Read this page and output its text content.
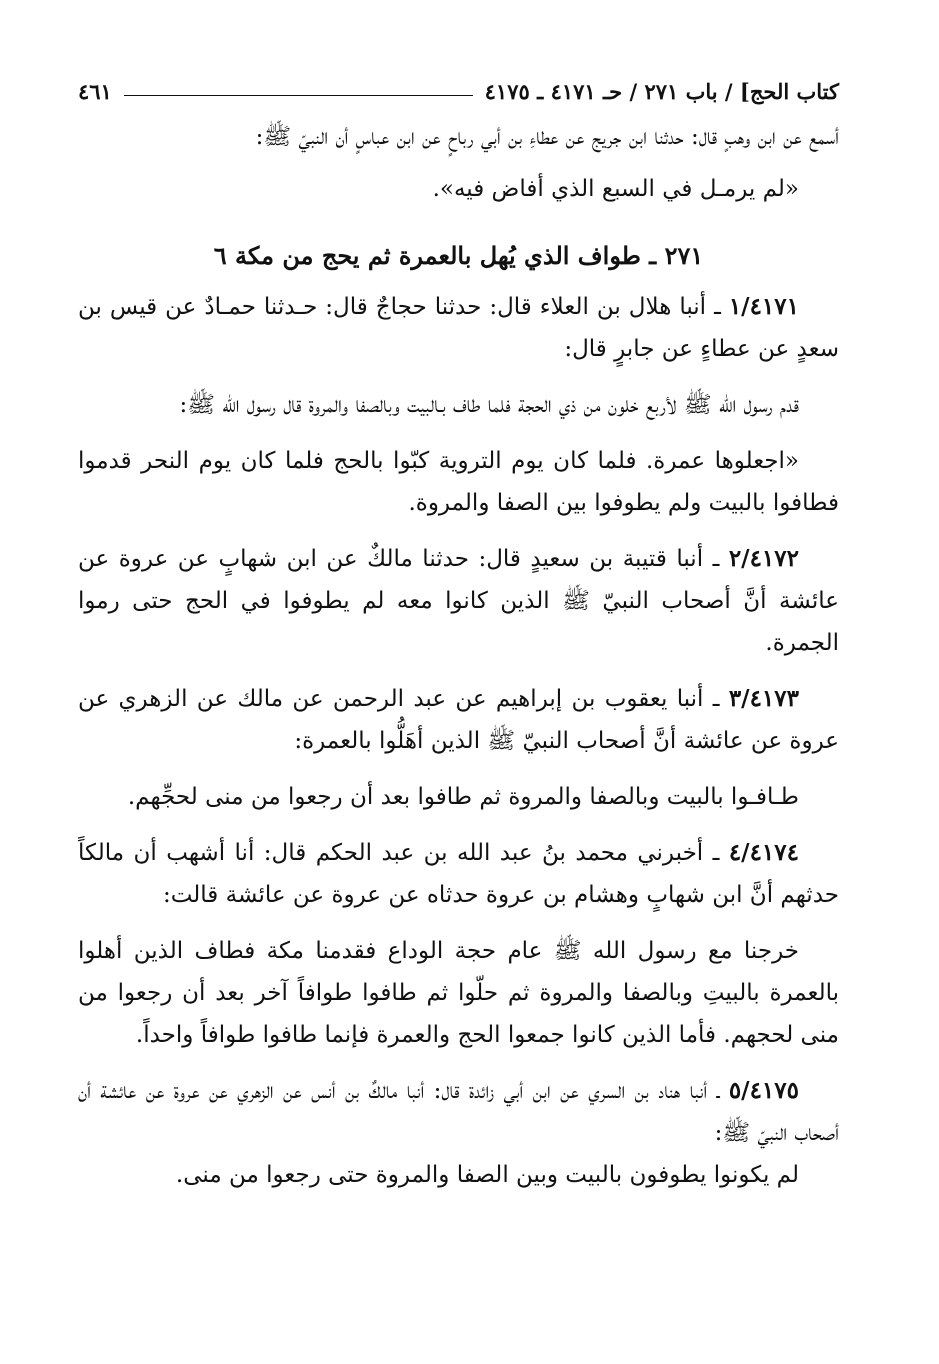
كتاب الحج] / باب ٢٧١ / حـ ٤١٧١ ـ ٤١٧٥
٤٦١

أسمع عن ابن وهبٍ قال: حدثنا ابن جريج عن عطاءِ بن أبي رباحٍ عن ابن عباسٍ أن النبيّ ﷺ:

«لم يرمـل في السبع الذي أفاض فيه».

٢٧١ ـ طواف الذي يُهل بالعمرة ثم يحج من مكة ٦

١/٤١٧١ ـ أنبا هلال بن العلاء قال: حدثنا حجاجٌ قال: حـدثنا حمـادٌ عن قيس بن سعدٍ عن عطاءٍ عن جابرٍ قال:

قدم رسول الله ﷺ لأربع خلون من ذي الحجة فلما طاف بـالبيت وبالصفا والمروة قال رسول الله ﷺ:

«اجعلوها عمرة. فلما كان يوم التروية كبّوا بالحج فلما كان يوم النحر قدموا فطافوا بالبيت ولم يطوفوا بين الصفا والمروة.

٢/٤١٧٢ ـ أنبا قتيبة بن سعيدٍ قال: حدثنا مالكٌ عن ابن شهابٍ عن عروة عن عائشة أنَّ أصحاب النبيّ ﷺ الذين كانوا معه لم يطوفوا في الحج حتى رموا الجمرة.

٣/٤١٧٣ ـ أنبا يعقوب بن إبراهيم عن عبد الرحمن عن مالك عن الزهري عن عروة عن عائشة أنَّ أصحاب النبيّ ﷺ الذين أهَلُّوا بالعمرة:

طـافـوا بالبيت وبالصفا والمروة ثم طافوا بعد أن رجعوا من منى لحجِّهم.

٤/٤١٧٤ ـ أخبرني محمد بنُ عبد الله بن عبد الحكم قال: أنا أشهب أن مالكاً حدثهم أنَّ ابن شهابٍ وهشام بن عروة حدثاه عن عروة عن عائشة قالت:

خرجنا مع رسول الله ﷺ عام حجة الوداع فقدمنا مكة فطاف الذين أهلوا بالعمرة بالبيتِ وبالصفا والمروة ثم حلّوا ثم طافوا طوافاً آخر بعد أن رجعوا من منى لحجهم. فأما الذين كانوا جمعوا الحج والعمرة فإنما طافوا طوافاً واحداً.

٥/٤١٧٥ ـ أنبا هناد بن السري عن ابن أبي زائدة قال: أنبا مالكٌ بن أنس عن الزهري عن عروة عن عائشة أن أصحاب النبيّ ﷺ:

لم يكونوا يطوفون بالبيت وبين الصفا والمروة حتى رجعوا من منى.
